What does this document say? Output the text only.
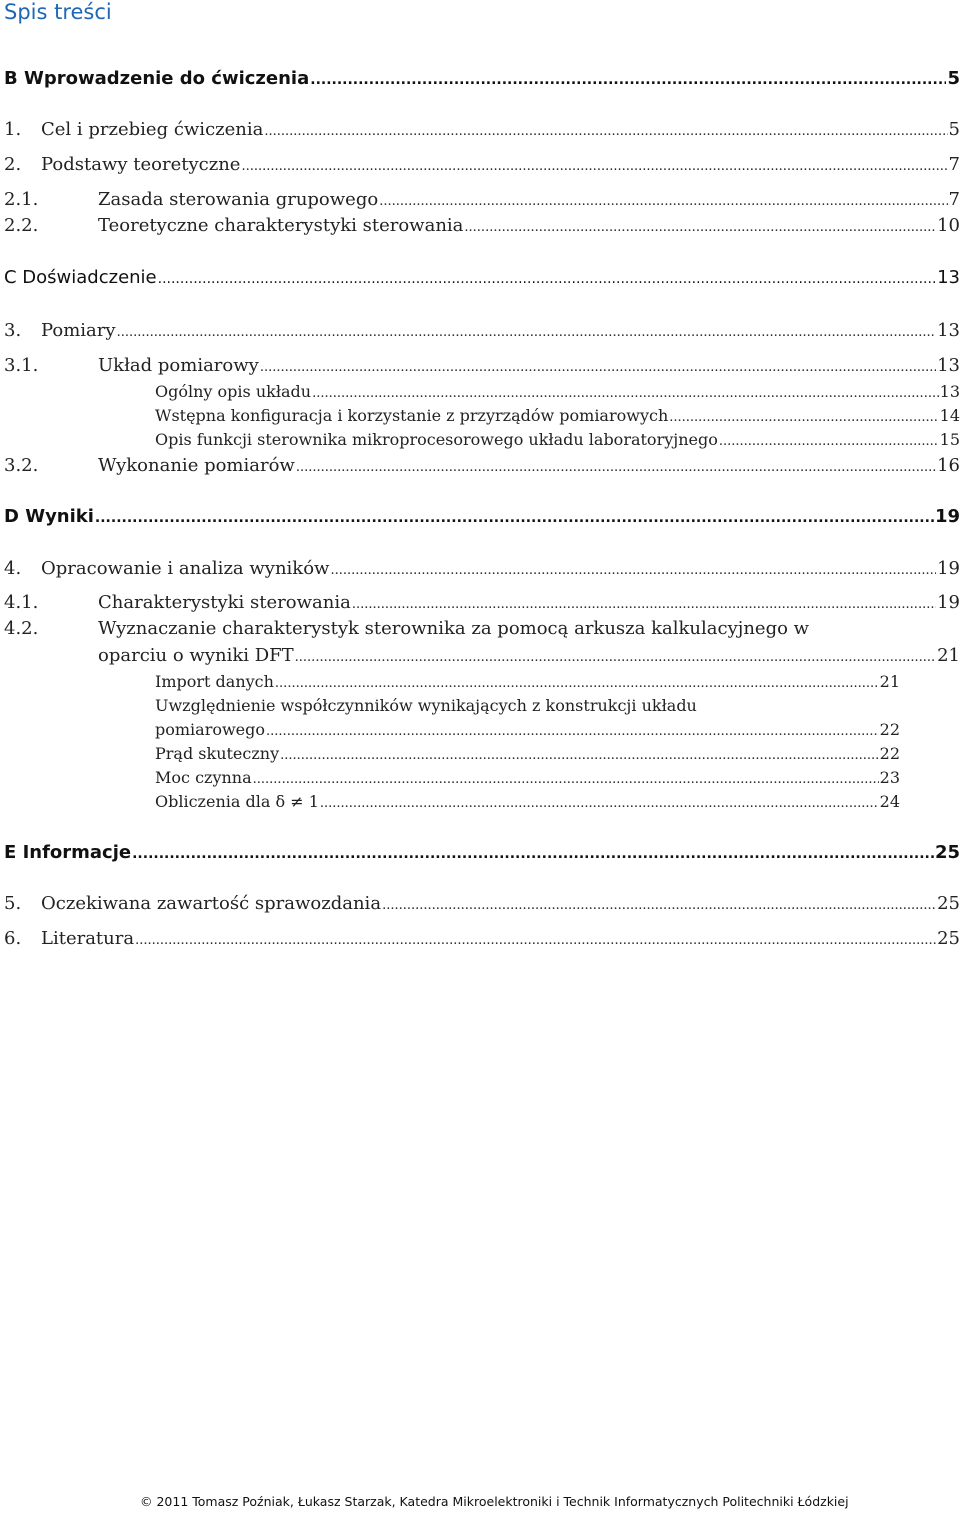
Spis treści
B Wprowadzenie do ćwiczenia .....	5
1. Cel i przebieg ćwiczenia .....	5
2. Podstawy teoretyczne .....	7
2.1.	Zasada sterowania grupowego .....	7
2.2.	Teoretyczne charakterystyki sterowania .....	10
C Doświadczenie .....	13
3. Pomiary .....	13
3.1.	Układ pomiarowy .....	13
Ogólny opis układu .....	13
Wstępna konfiguracja i korzystanie z przyrządów pomiarowych .....	14
Opis funkcji sterownika mikroprocesorowego układu laboratoryjnego .....	15
3.2.	Wykonanie pomiarów .....	16
D Wyniki .....	19
4. Opracowanie i analiza wyników .....	19
4.1.	Charakterystyki sterowania .....	19
4.2.	Wyznaczanie charakterystyk sterownika za pomocą arkusza kalkulacyjnego w
oparciu o wyniki DFT .....	21
Import danych .....	21
Uwzględnienie współczynników wynikających z konstrukcji układu
pomiarowego .....	22
Prąd skuteczny .....	22
Moc czynna .....	23
Obliczenia dla δ ≠ 1 .....	24
E Informacje .....	25
5. Oczekiwana zawartość sprawozdania .....	25
6. Literatura .....	25
© 2011 Tomasz Poźniak, Łukasz Starzak, Katedra Mikroelektroniki i Technik Informatycznych Politechniki Łódzkiej
